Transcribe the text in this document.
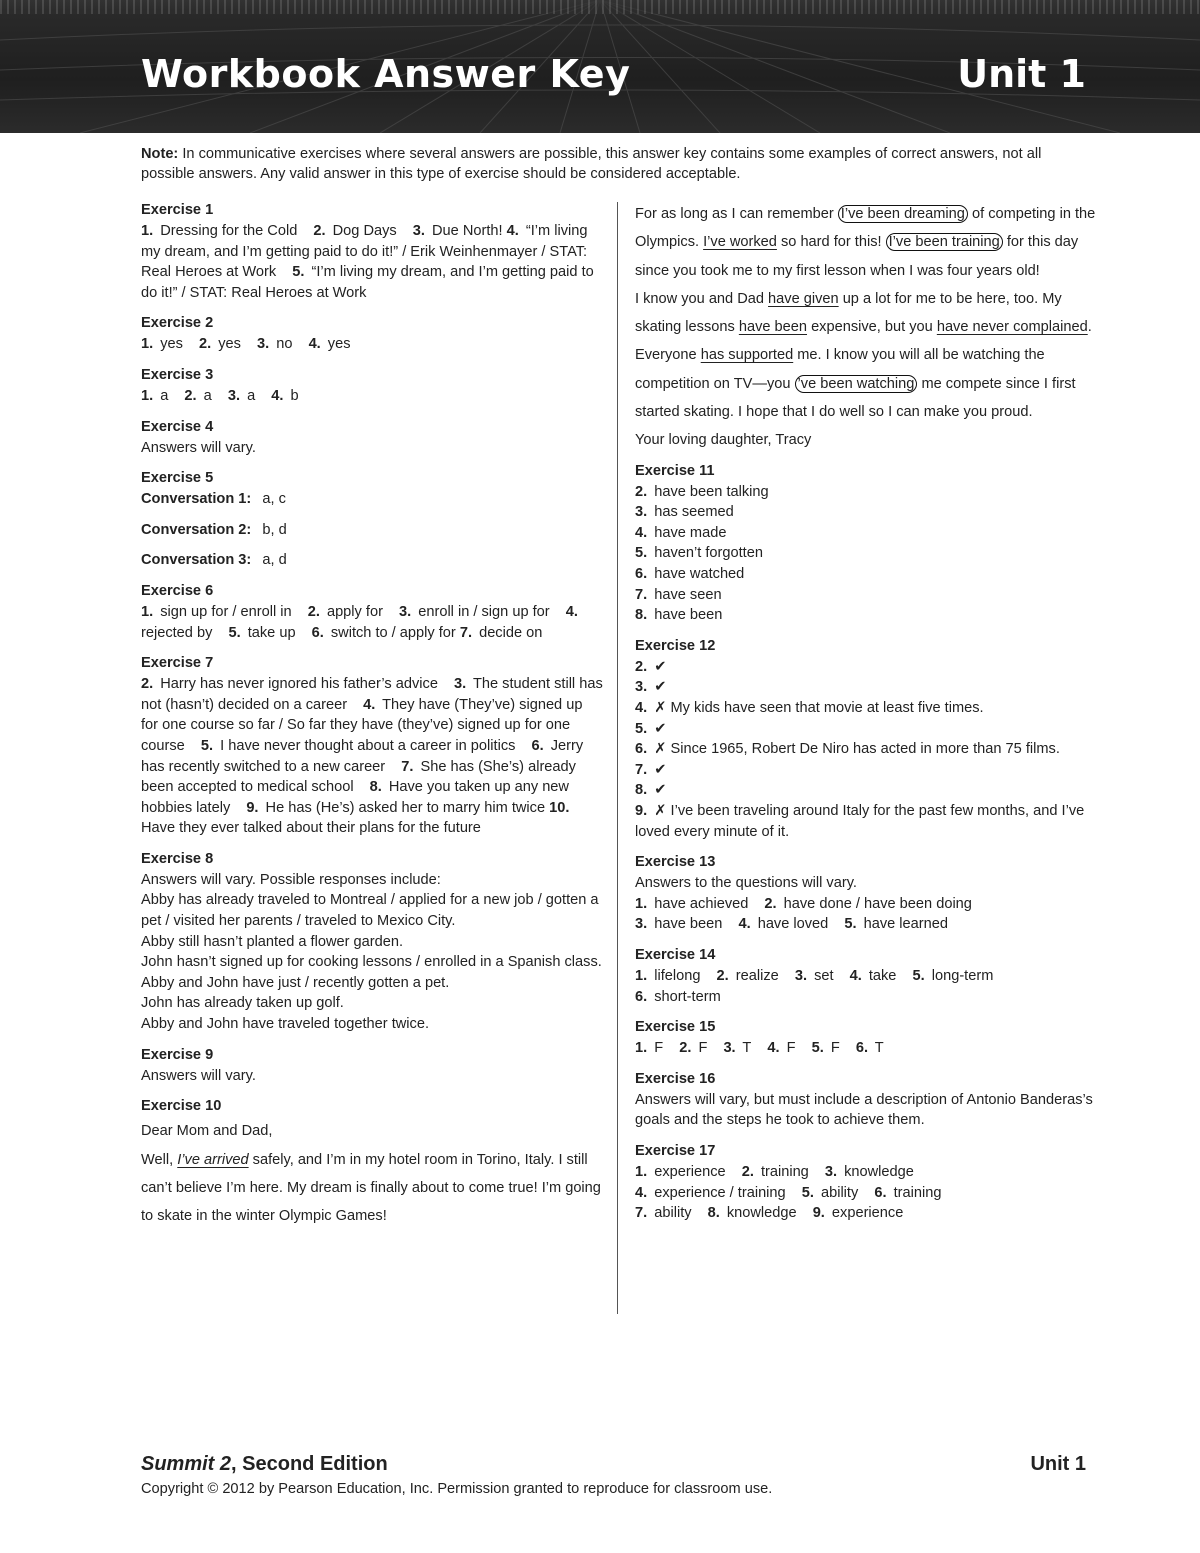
Workbook Answer Key	Unit 1
Note: In communicative exercises where several answers are possible, this answer key contains some examples of correct answers, not all possible answers. Any valid answer in this type of exercise should be considered acceptable.
Exercise 1

1. Dressing for the Cold 2. Dog Days 3. Due North! 4. “I’m living my dream, and I’m getting paid to do it!” / Erik Weinhenmayer / STAT: Real Heroes at Work 5. “I’m living my dream, and I’m getting paid to do it!” / STAT: Real Heroes at Work

Exercise 2

1. yes 2. yes 3. no 4. yes

Exercise 3

1. a 2. a 3. a 4. b

Exercise 4

Answers will vary.

Exercise 5

Conversation 1: a, c

Conversation 2: b, d

Conversation 3: a, d

Exercise 6

1. sign up for / enroll in 2. apply for 3. enroll in / sign up for 4. rejected by 5. take up 6. switch to / apply for 7. decide on

Exercise 7

2. Harry has never ignored his father’s advice 3. The student still has not (hasn’t) decided on a career 4. They have (They’ve) signed up for one course so far / So far they have (they’ve) signed up for one course 5. I have never thought about a career in politics 6. Jerry has recently switched to a new career 7. She has (She’s) already been accepted to medical school 8. Have you taken up any new hobbies lately 9. He has (He’s) asked her to marry him twice 10. Have they ever talked about their plans for the future

Exercise 8

Answers will vary. Possible responses include:

Abby has already traveled to Montreal / applied for a new job / gotten a pet / visited her parents / traveled to Mexico City.

Abby still hasn’t planted a flower garden.

John hasn’t signed up for cooking lessons / enrolled in a Spanish class.

Abby and John have just / recently gotten a pet.

John has already taken up golf.

Abby and John have traveled together twice.

Exercise 9

Answers will vary.

Exercise 10

Dear Mom and Dad,

Well, I’ve arrived safely, and I’m in my hotel room in Torino, Italy. I still can’t believe I’m here. My dream is finally about to come true! I’m going to skate in the winter Olympic Games!

For as long as I can remember I’ve been dreaming of competing in the Olympics. I’ve worked so hard for this! I’ve been training for this day since you took me to my first lesson when I was four years old!

I know you and Dad have given up a lot for me to be here, too. My skating lessons have been expensive, but you have never complained. Everyone has supported me. I know you will all be watching the competition on TV—you ’ve been watching me compete since I first started skating. I hope that I do well so I can make you proud.

Your loving daughter, Tracy

Exercise 11

2. have been talking

3. has seemed

4. have made

5. haven’t forgotten

6. have watched

7. have seen

8. have been

Exercise 12

2. ✔

3. ✔

4. ✗ My kids have seen that movie at least five times.

5. ✔

6. ✗ Since 1965, Robert De Niro has acted in more than 75 films.

7. ✔

8. ✔

9. ✗ I’ve been traveling around Italy for the past few months, and I’ve loved every minute of it.

Exercise 13

Answers to the questions will vary.

1. have achieved 2. have done / have been doing
3. have been 4. have loved 5. have learned

Exercise 14

1. lifelong 2. realize 3. set 4. take 5. long-term
6. short-term

Exercise 15

1. F 2. F 3. T 4. F 5. F 6. T

Exercise 16

Answers will vary, but must include a description of Antonio Banderas’s goals and the steps he took to achieve them.

Exercise 17

1. experience 2. training 3. knowledge
4. experience / training 5. ability 6. training
7. ability 8. knowledge 9. experience

Summit 2, Second Edition	Unit 1

Copyright © 2012 by Pearson Education, Inc. Permission granted to reproduce for classroom use.
